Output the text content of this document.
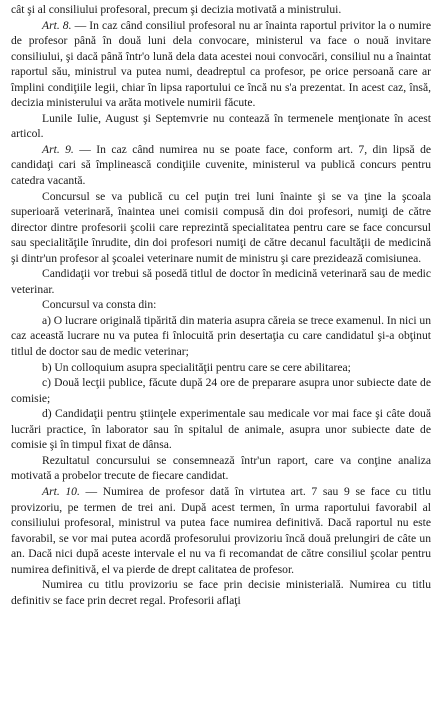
cât şi al consiliului profesoral, precum şi decizia motivată a ministrului.

Art. 8. — In caz când consiliul profesoral nu ar înainta raportul privitor la o numire de profesor până în două luni dela convocare, ministerul va face o nouă invitare consiliului, şi dacă până într'o lună dela data acestei noui convocări, consiliul nu a înaintat raportul său, ministrul va putea numi, deadreptul ca profesor, pe orice persoană care ar împlini condiţiile legii, chiar în lipsa raportului ce încă nu s'a prezentat. In acest caz, însă, decizia ministerului va arăta motivele numirii făcute.

Lunile Iulie, August şi Septemvrie nu contează în termenele menţionate în acest articol.

Art. 9. — In caz când numirea nu se poate face, conform art. 7, din lipsă de candidaţi cari să împlinească condiţiile cuvenite, ministerul va publică concurs pentru catedra vacantă.

Concursul se va publică cu cel puţin trei luni înainte şi se va ţine la şcoala superioară veterinară, înaintea unei comisii compusă din doi profesori, numiţi de către director dintre profesorii şcolii care reprezintă specialitatea pentru care se face concursul sau specialităţile înrudite, din doi profesori numiţi de către decanul facultăţii de medicină şi dintr'un profesor al şcoalei veterinare numit de ministru şi care prezidează comisiunea.

Candidaţii vor trebui să posedă titlul de doctor în medicină veterinară sau de medic veterinar.

Concursul va consta din:

a) O lucrare originală tipărită din materia asupra căreia se trece examenul. In nici un caz această lucrare nu va putea fi înlocuită prin desertaţia cu care candidatul şi-a obţinut titlul de doctor sau de medic veterinar;

b) Un colloquium asupra specialităţii pentru care se cere abilitarea;

c) Două lecţii publice, făcute după 24 ore de preparare asupra unor subiecte date de comisie;

d) Candidaţii pentru ştiinţele experimentale sau medicale vor mai face şi câte două lucrări practice, în laborator sau în spitalul de animale, asupra unor subiecte date de comisie şi în timpul fixat de dânsa.

Rezultatul concursului se consemnează într'un raport, care va conţine analiza motivată a probelor trecute de fiecare candidat.

Art. 10. — Numirea de profesor dată în virtutea art. 7 sau 9 se face cu titlu provizoriu, pe termen de trei ani. După acest termen, în urma raportului favorabil al consiliului profesoral, ministrul va putea face numirea definitivă. Dacă raportul nu este favorabil, se vor mai putea acordă profesorului provizoriu încă două prelungiri de câte un an. Dacă nici după aceste intervale el nu va fi recomandat de către consiliul şcolar pentru numirea definitivă, el va pierde de drept calitatea de profesor.

Numirea cu titlu provizoriu se face prin decisie ministerială. Numirea cu titlu definitiv se face prin decret regal. Profesorii aflaţi
